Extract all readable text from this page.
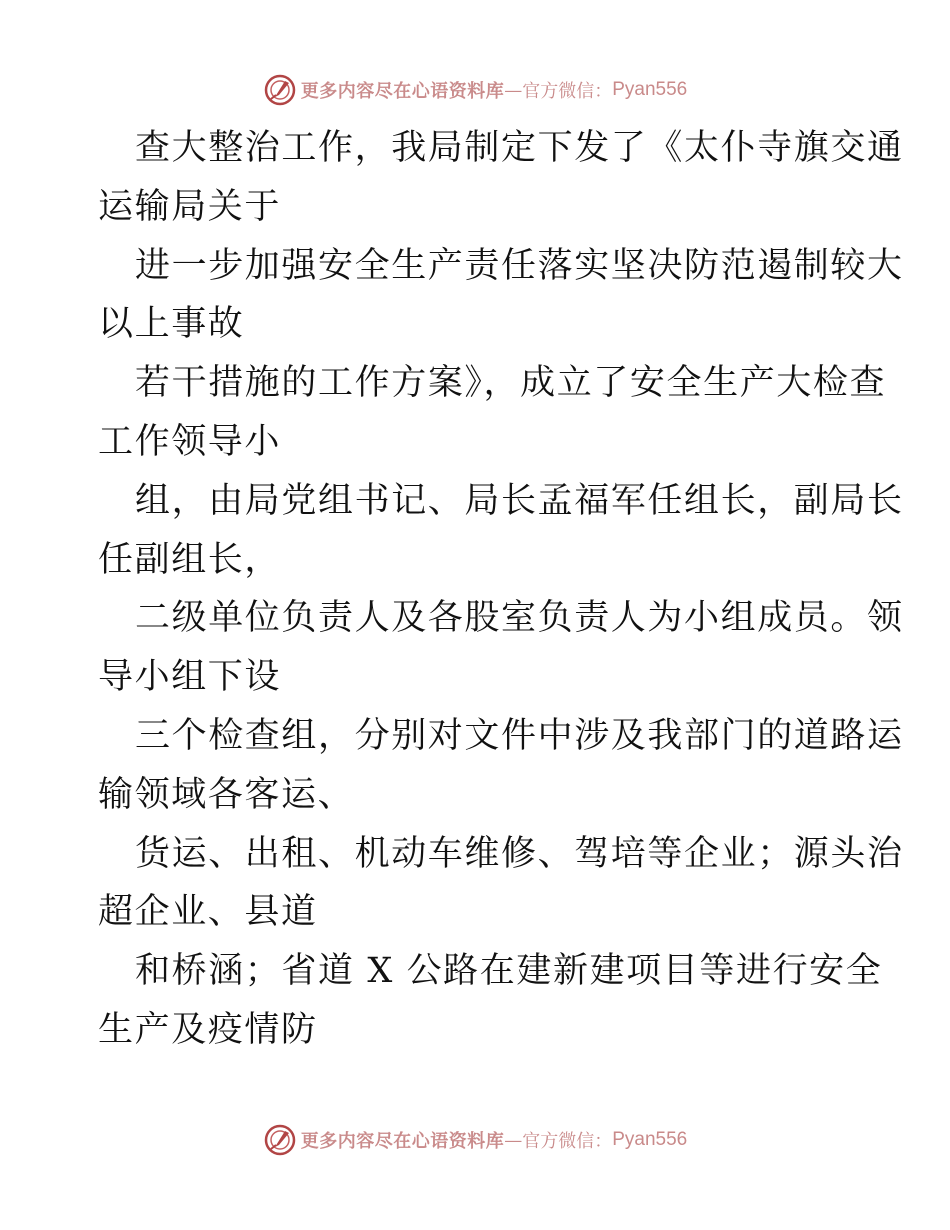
更多内容尽在心语资料库 — 官方微信： Pyan556
查大整治工作，我局制定下发了《太仆寺旗交通
运输局关于
进一步加强安全生产责任落实坚决防范遏制较大
以上事故
若干措施的工作方案》，成立了安全生产大检查
工作领导小
组，由局党组书记、局长孟福军任组长，副局长
任副组长，
二级单位负责人及各股室负责人为小组成员。领
导小组下设
三个检查组，分别对文件中涉及我部门的道路运
输领域各客运、
货运、出租、机动车维修、驾培等企业；源头治
超企业、县道
和桥涵；省道 X 公路在建新建项目等进行安全
生产及疫情防
更多内容尽在心语资料库 — 官方微信： Pyan556
